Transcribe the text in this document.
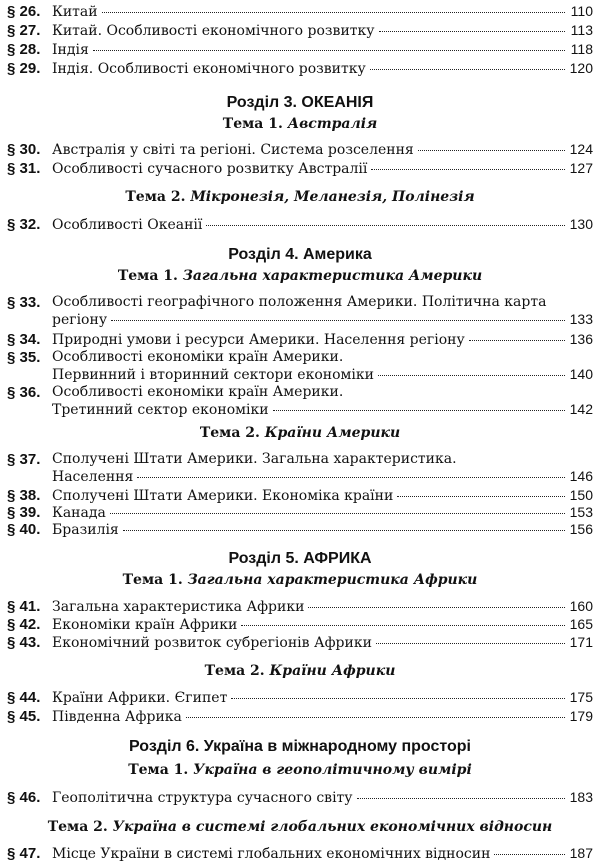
§ 26. Китай	110
§ 27. Китай. Особливості економічного розвитку	113
§ 28. Індія	118
§ 29. Індія. Особливості економічного розвитку	120
Розділ 3. ОКЕАНІЯ
Тема 1. Австралія
§ 30. Австралія у світі та регіоні. Система розселення	124
§ 31. Особливості сучасного розвитку Австралії	127
Тема 2. Мікронезія, Меланезія, Полінезія
§ 32. Особливості Океанії	130
Розділ 4. Америка
Тема 1. Загальна характеристика Америки
§ 33. Особливості географічного положення Америки. Політична карта
регіону	133
§ 34. Природні умови і ресурси Америки. Населення регіону	136
§ 35. Особливості економіки країн Америки.
Первинний і вторинний сектори економіки	140
§ 36. Особливості економіки країн Америки.
Третинний сектор економіки	142
Тема 2. Країни Америки
§ 37. Сполучені Штати Америки. Загальна характеристика.
Населення	146
§ 38. Сполучені Штати Америки. Економіка країни	150
§ 39. Канада	153
§ 40. Бразилія	156
Розділ 5. АФРИКА
Тема 1. Загальна характеристика Африки
§ 41. Загальна характеристика Африки	160
§ 42. Економіки країн Африки	165
§ 43. Економічний розвиток субрегіонів Африки	171
Тема 2. Країни Африки
§ 44. Країни Африки. Єгипет	175
§ 45. Південна Африка	179
Розділ 6. Україна в міжнародному просторі
Тема 1. Україна в геополітичному вимірі
§ 46. Геополітична структура сучасного світу	183
Тема 2. Україна в системі глобальних економічних відносин
§ 47. Місце України в системі глобальних економічних відносин	187
